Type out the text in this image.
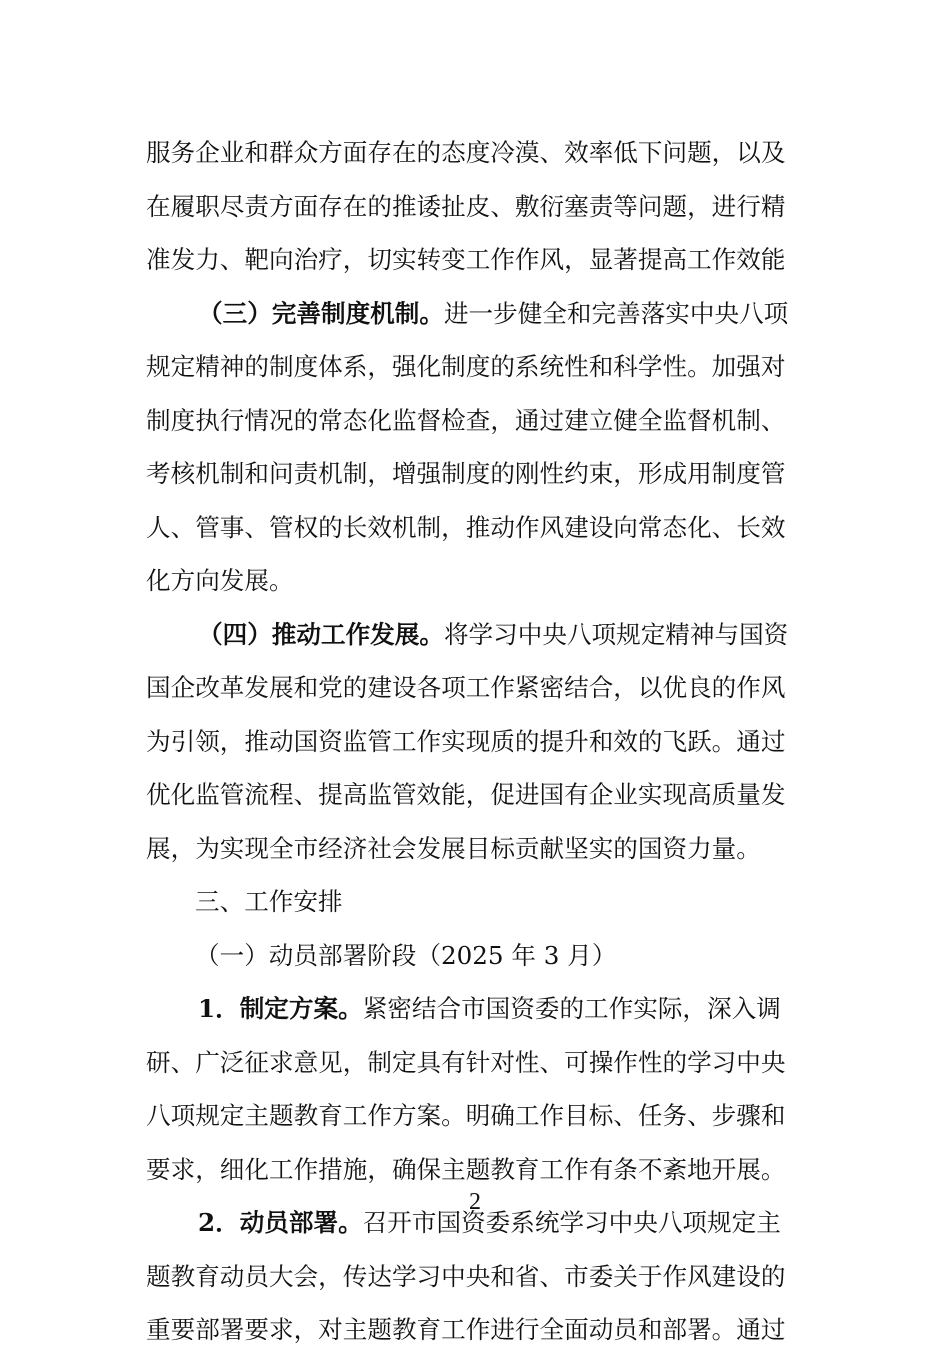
服务企业和群众方面存在的态度冷漠、效率低下问题，以及
在履职尽责方面存在的推诿扯皮、敷衍塞责等问题，进行精
准发力、靶向治疗，切实转变工作作风，显著提高工作效能
（三）完善制度机制。进一步健全和完善落实中央八项
规定精神的制度体系，强化制度的系统性和科学性。加强对
制度执行情况的常态化监督检查，通过建立健全监督机制、
考核机制和问责机制，增强制度的刚性约束，形成用制度管
人、管事、管权的长效机制，推动作风建设向常态化、长效
化方向发展。
（四）推动工作发展。将学习中央八项规定精神与国资
国企改革发展和党的建设各项工作紧密结合，以优良的作风
为引领，推动国资监管工作实现质的提升和效的飞跃。通过
优化监管流程、提高监管效能，促进国有企业实现高质量发
展，为实现全市经济社会发展目标贡献坚实的国资力量。
三、工作安排
（一）动员部署阶段（2025 年 3 月）
1．制定方案。紧密结合市国资委的工作实际，深入调
研、广泛征求意见，制定具有针对性、可操作性的学习中央
八项规定主题教育工作方案。明确工作目标、任务、步骤和
要求，细化工作措施，确保主题教育工作有条不紊地开展。
2．动员部署。召开市国资委系统学习中央八项规定主
题教育动员大会，传达学习中央和省、市委关于作风建设的
重要部署要求，对主题教育工作进行全面动员和部署。通过
2
